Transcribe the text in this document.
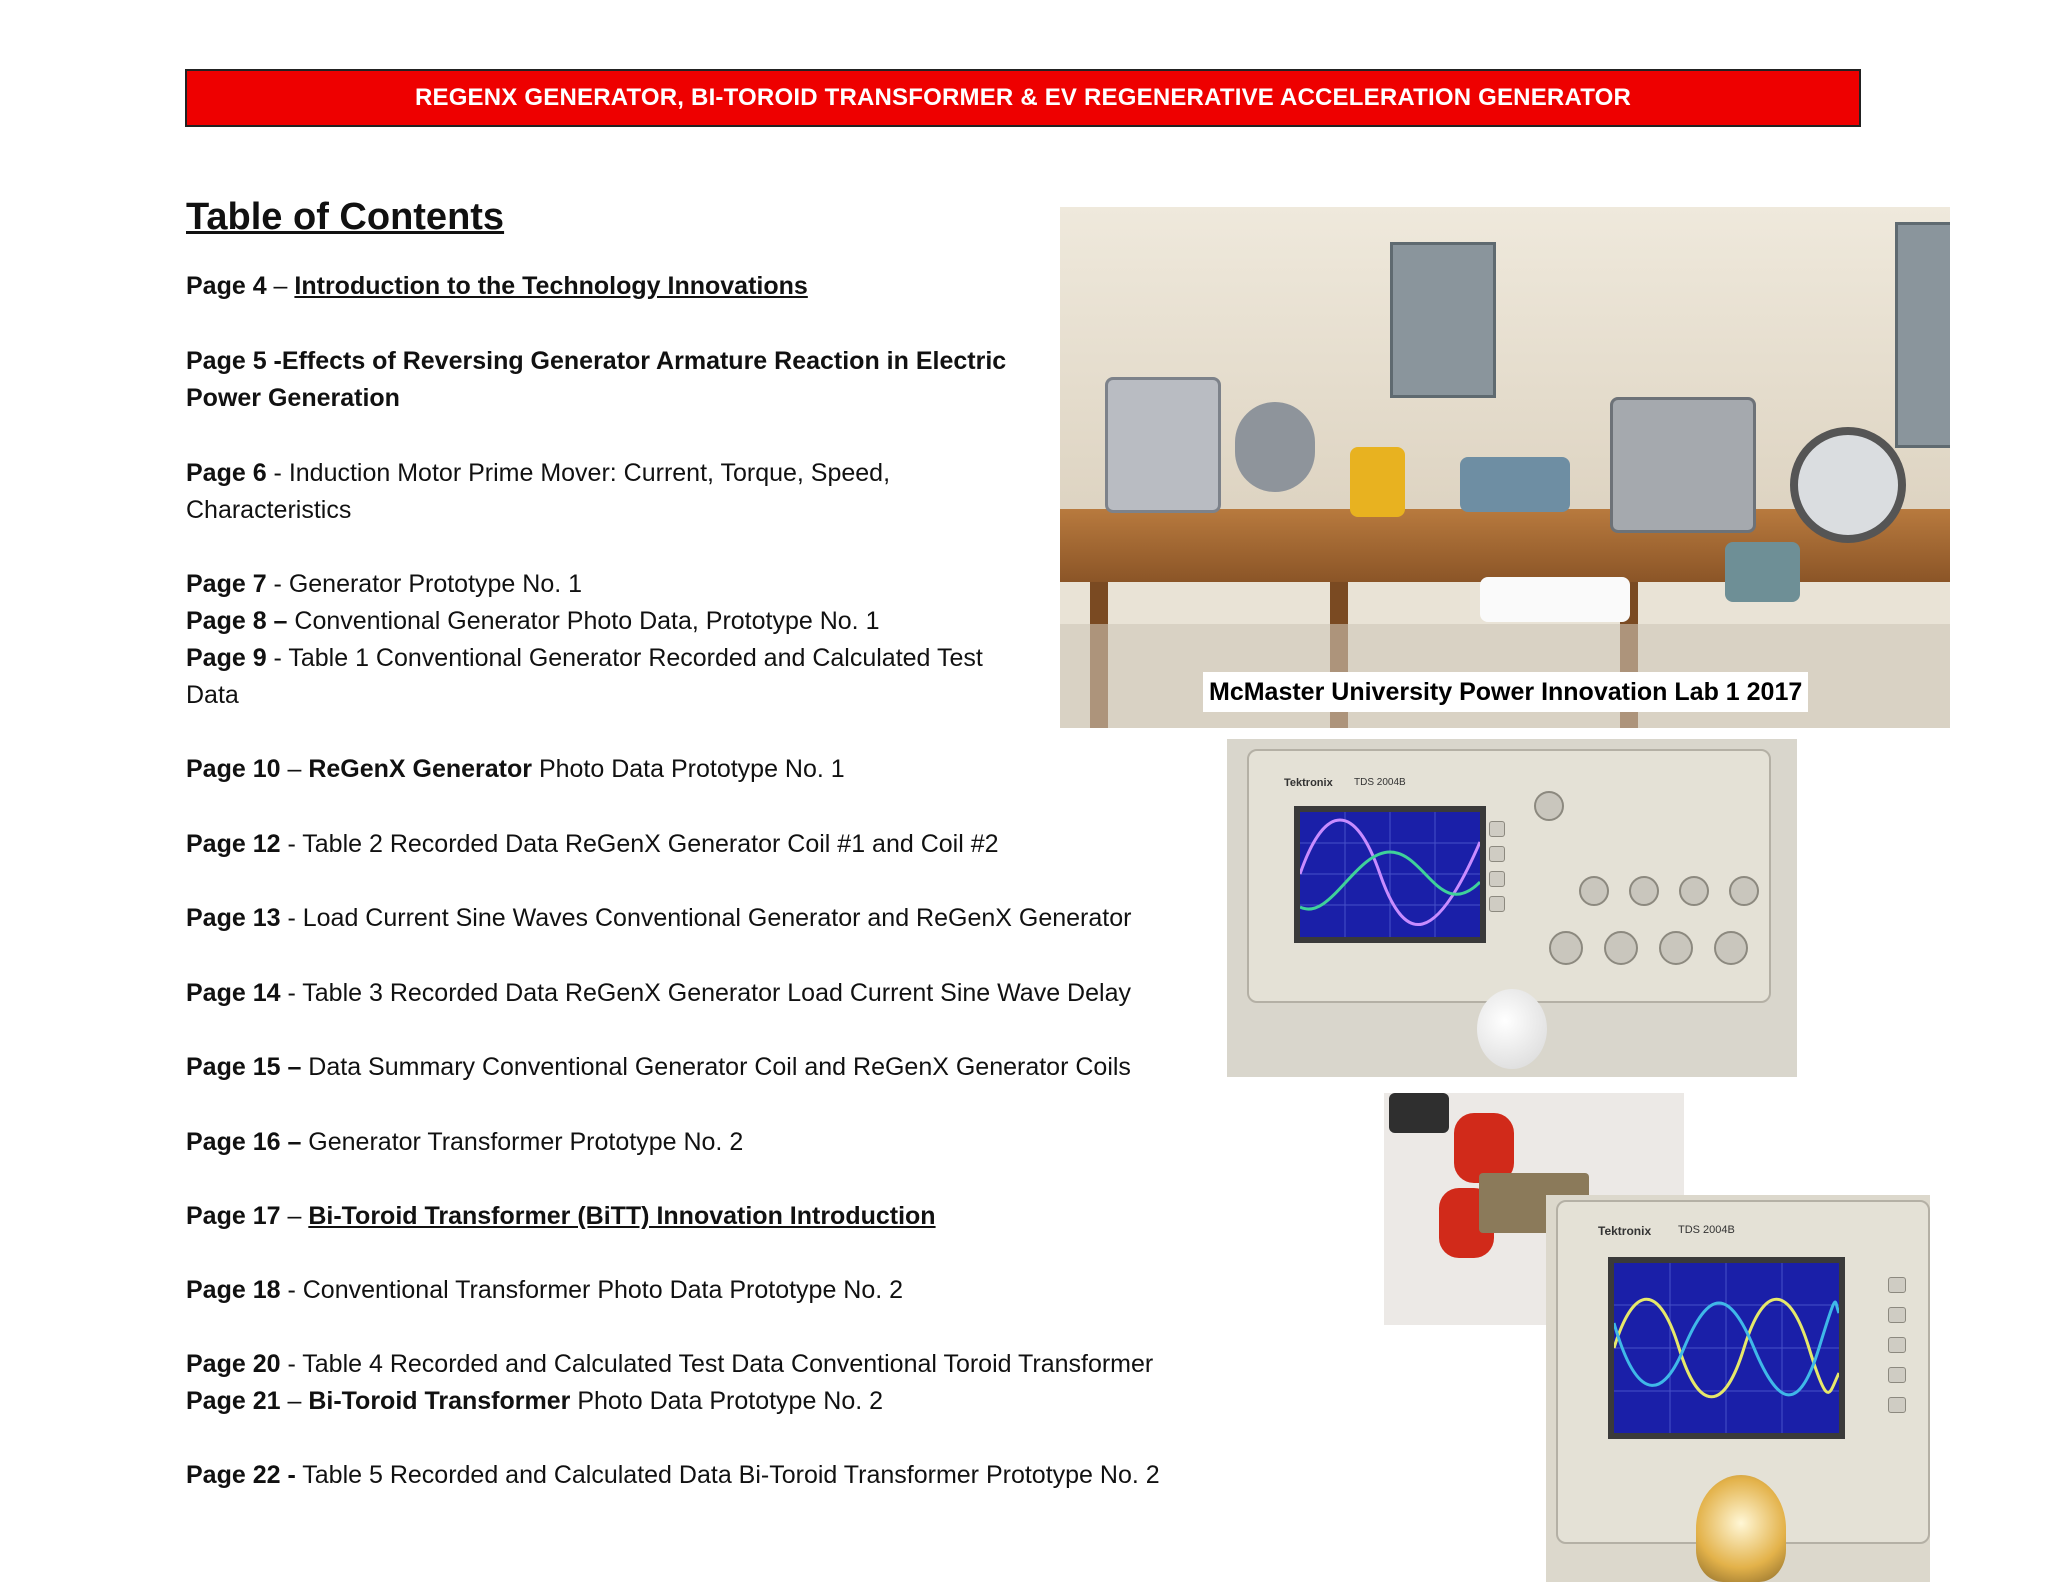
REGENX GENERATOR, BI-TOROID TRANSFORMER & EV REGENERATIVE ACCELERATION GENERATOR
Table of Contents

Page 4 – Introduction to the Technology Innovations

Page 5 -Effects of Reversing Generator Armature Reaction in Electric
Power Generation

Page 6 - Induction Motor Prime Mover: Current, Torque, Speed,
Characteristics

Page 7 - Generator Prototype No. 1

Page 8 – Conventional Generator Photo Data, Prototype No. 1

Page 9 - Table 1 Conventional Generator Recorded and Calculated Test
Data

Page 10 – ReGenX Generator Photo Data Prototype No. 1

Page 12 - Table 2 Recorded Data ReGenX Generator Coil #1 and Coil #2

Page 13 - Load Current Sine Waves Conventional Generator and ReGenX Generator

Page 14 - Table 3 Recorded Data ReGenX Generator Load Current Sine Wave Delay

Page 15 – Data Summary Conventional Generator Coil and ReGenX Generator Coils

Page 16 – Generator Transformer Prototype No. 2

Page 17 – Bi-Toroid Transformer (BiTT) Innovation Introduction

Page 18 - Conventional Transformer Photo Data Prototype No. 2

Page 20 - Table 4 Recorded and Calculated Test Data Conventional Toroid Transformer

Page 21 – Bi-Toroid Transformer Photo Data Prototype No. 2

Page 22 - Table 5 Recorded and Calculated Data Bi-Toroid Transformer Prototype No. 2

McMaster University Power Innovation Lab 1 2017
Tektronix TDS 2004B
Tektronix TDS 2004B
